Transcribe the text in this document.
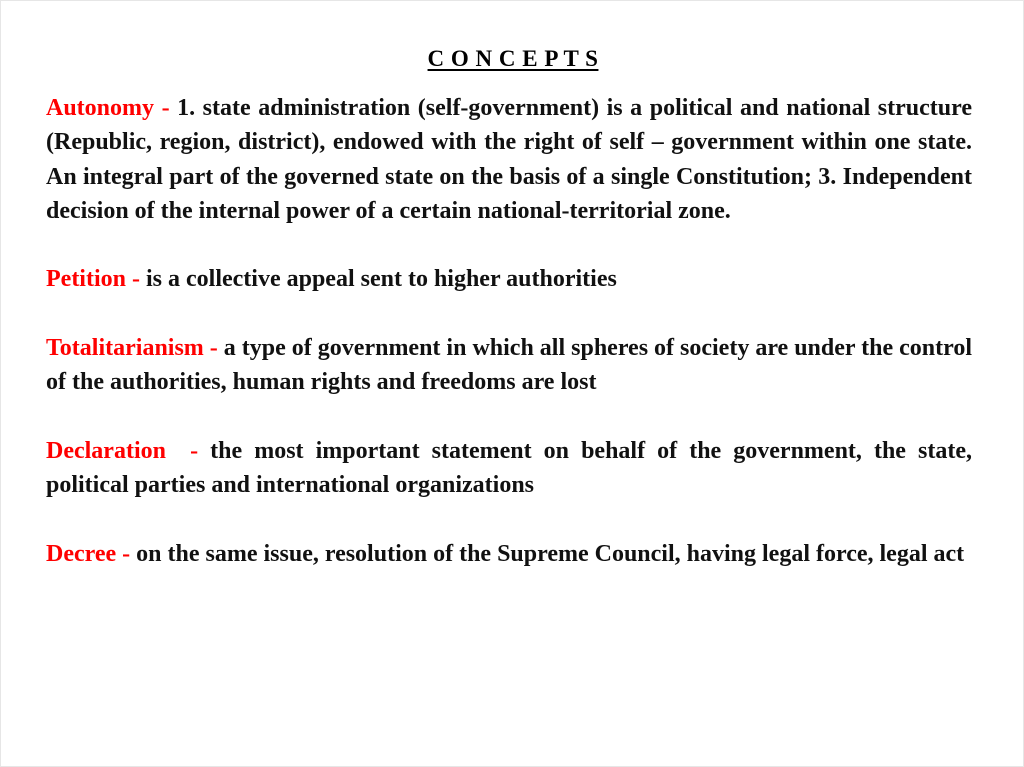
C O N C E P T S

Autonomy - 1. state administration (self-government) is a political and national structure (Republic, region, district), endowed with the right of self – government within one state. An integral part of the governed state on the basis of a single Constitution; 3. Independent decision of the internal power of a certain national-territorial zone.

Petition - is a collective appeal sent to higher authorities

Totalitarianism - a type of government in which all spheres of society are under the control of the authorities, human rights and freedoms are lost

Declaration  - the most important statement on behalf of the government, the state, political parties and international organizations

Decree - on the same issue, resolution of the Supreme Council, having legal force, legal act
